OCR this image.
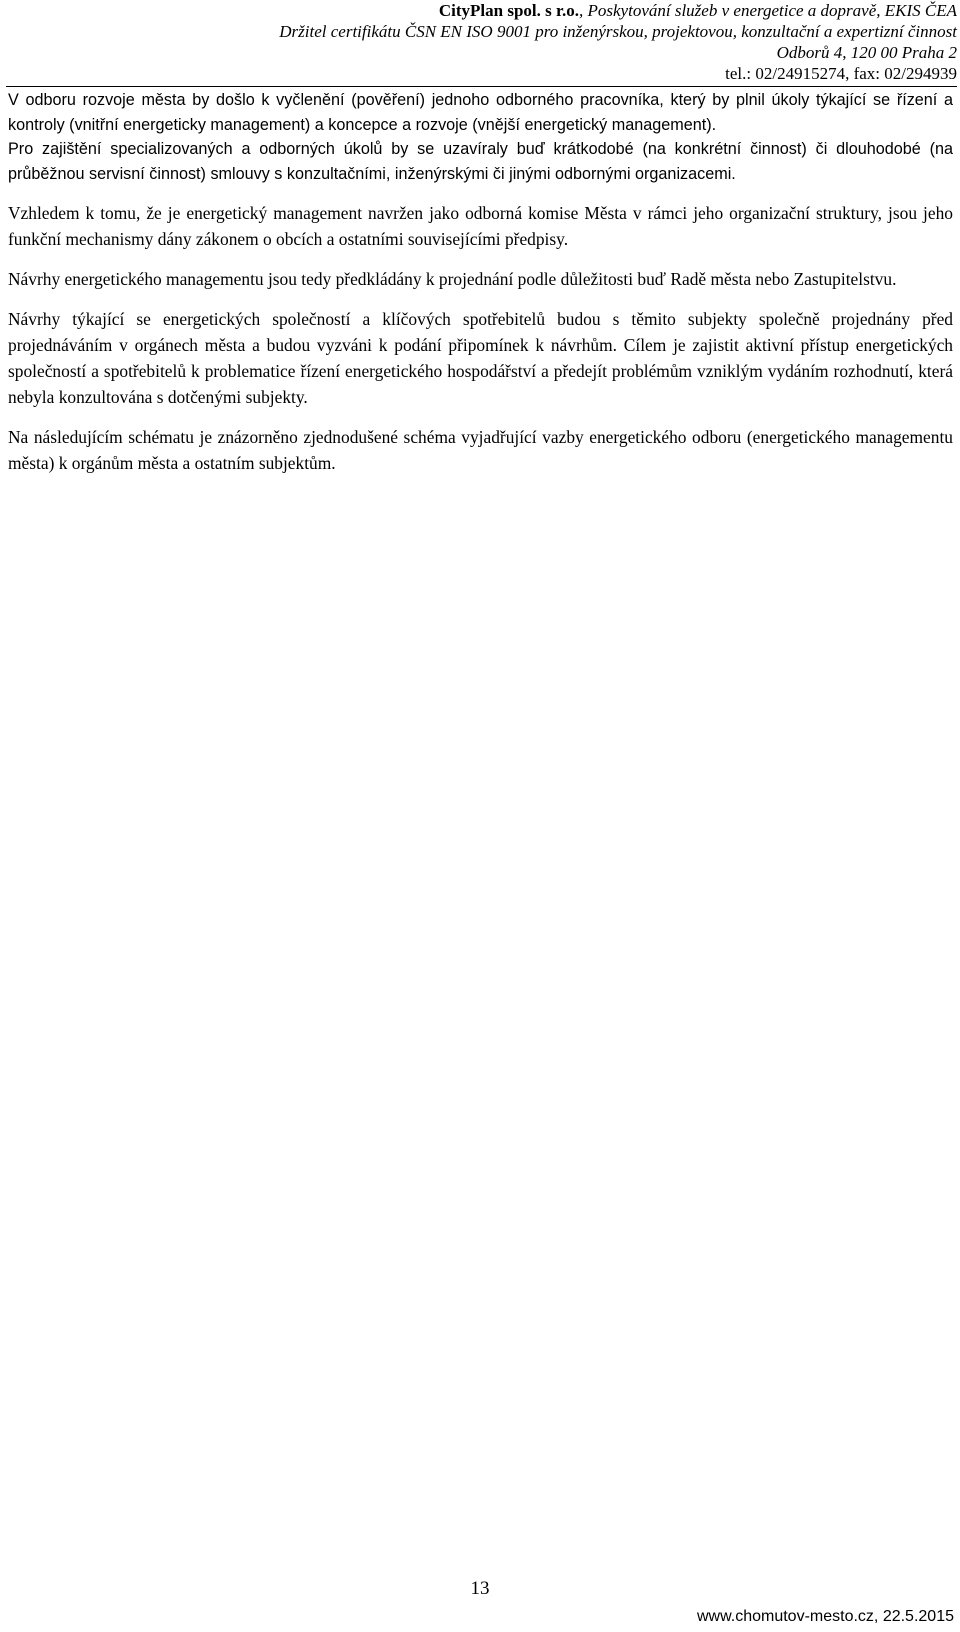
CityPlan spol. s r.o., Poskytování služeb v energetice a dopravě, EKIS ČEA
Držitel certifikátu ČSN EN ISO 9001 pro inženýrskou, projektovou, konzultační a expertizní činnost
Odborů 4, 120 00 Praha 2
tel.: 02/24915274, fax: 02/294939

V odboru rozvoje města by došlo k vyčlenění (pověření) jednoho odborného pracovníka, který by plnil úkoly týkající se řízení a kontroly (vnitřní energeticky management) a koncepce a rozvoje (vnější energetický management).

Pro zajištění specializovaných a odborných úkolů by se uzavíraly buď krátkodobé (na konkrétní činnost) či dlouhodobé (na průběžnou servisní činnost) smlouvy s konzultačními, inženýrskými či jinými odbornými organizacemi.

Vzhledem k tomu, že je energetický management navržen jako odborná komise Města v rámci jeho organizační struktury, jsou jeho funkční mechanismy dány zákonem o obcích a ostatními souvisejícími předpisy.

Návrhy energetického managementu jsou tedy předkládány k projednání podle důležitosti buď Radě města nebo Zastupitelstvu.

Návrhy týkající se energetických společností a klíčových spotřebitelů budou s těmito subjekty společně projednány před projednáváním v orgánech města a budou vyzváni k podání připomínek k návrhům. Cílem je zajistit aktivní přístup energetických společností a spotřebitelů k problematice řízení energetického hospodářství a předejít problémům vzniklým vydáním rozhodnutí, která nebyla konzultována s dotčenými subjekty.

Na následujícím schématu je znázorněno zjednodušené schéma vyjadřující vazby energetického odboru (energetického managementu města) k orgánům města a ostatním subjektům.

13
www.chomutov-mesto.cz, 22.5.2015
